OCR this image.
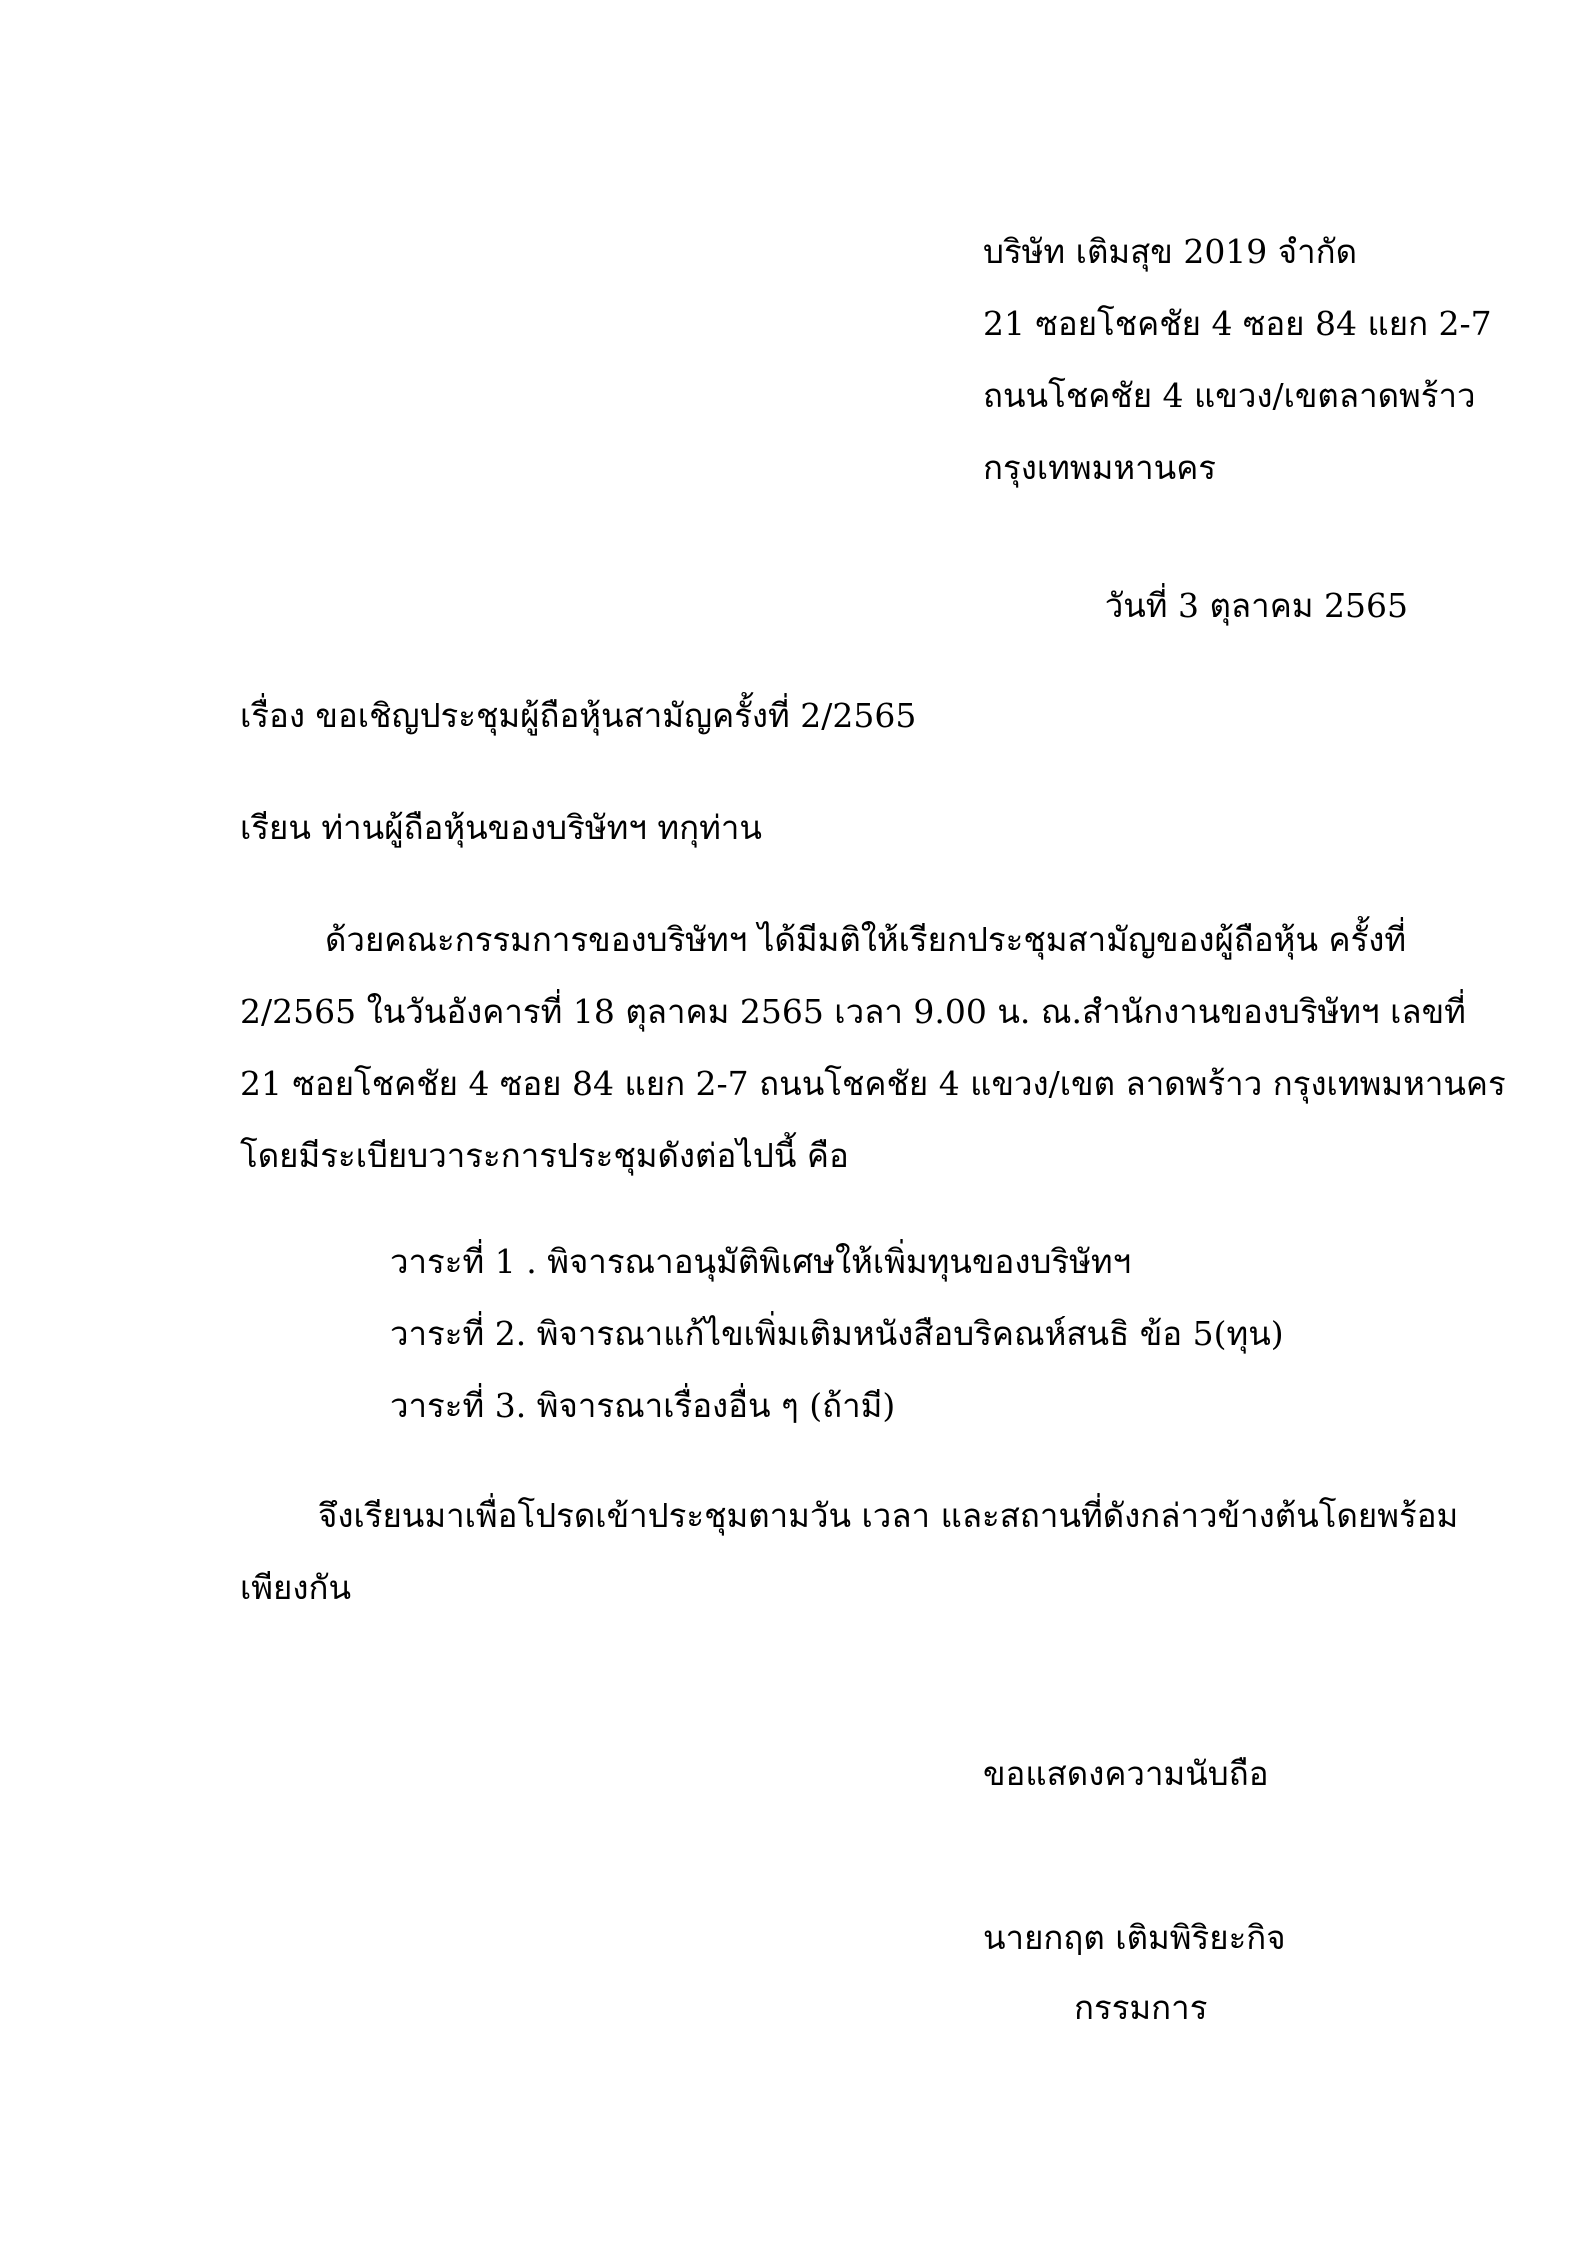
บริษัท เติมสุข 2019 จำกัด
21 ซอยโชคชัย 4 ซอย 84 แยก 2-7
ถนนโชคชัย 4 แขวง/เขตลาดพร้าว
กรุงเทพมหานคร
วันที่ 3 ตุลาคม 2565
เรื่อง ขอเชิญประชุมผู้ถือหุ้นสามัญครั้งที่ 2/2565
เรียน ท่านผู้ถือหุ้นของบริษัทฯ ทกุท่าน
ด้วยคณะกรรมการของบริษัทฯ ได้มีมติให้เรียกประชุมสามัญของผู้ถือหุ้น ครั้งที่
2/2565 ในวันอังคารที่ 18 ตุลาคม 2565 เวลา 9.00 น. ณ.สำนักงานของบริษัทฯ เลขที่
21 ซอยโชคชัย 4 ซอย 84 แยก 2-7 ถนนโชคชัย 4 แขวง/เขต ลาดพร้าว กรุงเทพมหานคร
โดยมีระเบียบวาระการประชุมดังต่อไปนี้ คือ
วาระที่ 1 . พิจารณาอนุมัติพิเศษให้เพิ่มทุนของบริษัทฯ
วาระที่ 2. พิจารณาแก้ไขเพิ่มเติมหนังสือบริคณห์สนธิ ข้อ 5(ทุน)
วาระที่ 3. พิจารณาเรื่องอื่น ๆ (ถ้ามี)
จึงเรียนมาเพื่อโปรดเข้าประชุมตามวัน เวลา และสถานที่ดังกล่าวข้างต้นโดยพร้อม
เพียงกัน
ขอแสดงความนับถือ
นายกฤต เติมพิริยะกิจ
กรรมการ
